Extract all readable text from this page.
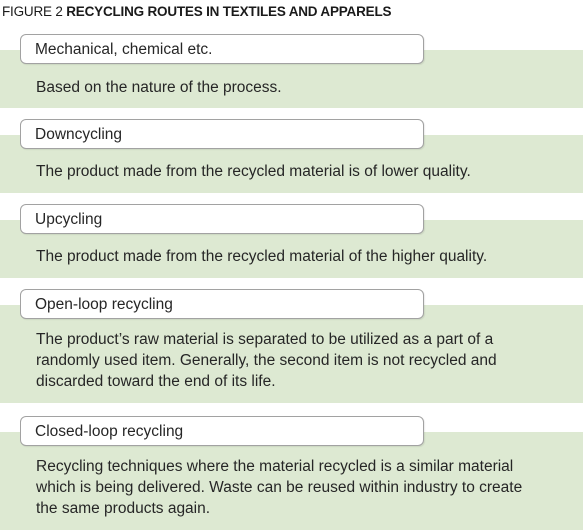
FIGURE 2 RECYCLING ROUTES IN TEXTILES AND APPARELS
Based on the nature of the process.
Mechanical, chemical etc.
The product made from the recycled material is of lower quality.
Downcycling
The product made from the recycled material of the higher quality.
Upcycling
The product’s raw material is separated to be utilized as a part of a randomly used item. Generally, the second item is not recycled and discarded toward the end of its life.
Open-loop recycling
Recycling techniques where the material recycled is a similar material which is being delivered. Waste can be reused within industry to create the same products again.
Closed-loop recycling
